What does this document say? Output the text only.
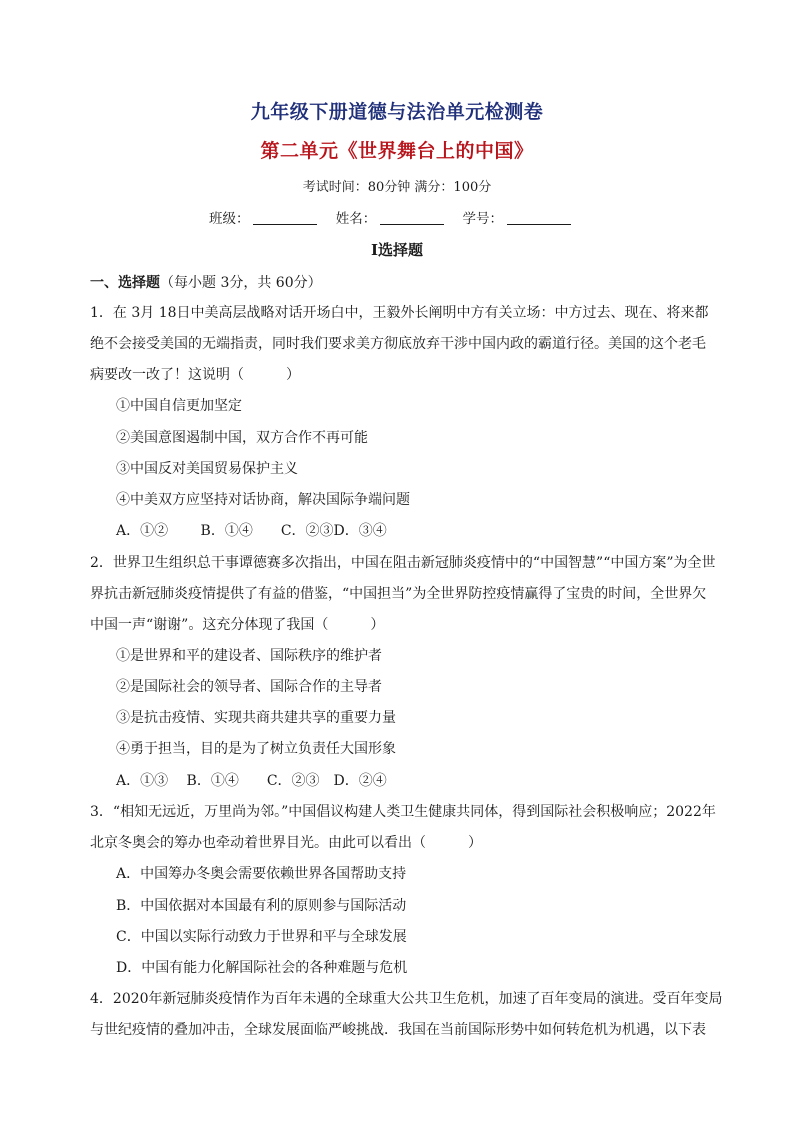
九年级下册道德与法治单元检测卷
第二单元《世界舞台上的中国》
考试时间：80分钟 满分：100分
班级：	姓名：	学号：
Ⅰ选择题
一、选择题（每小题 3分，共 60分）
1．在 3月 18日中美高层战略对话开场白中，王毅外长阐明中方有关立场：中方过去、现在、将来都
绝不会接受美国的无端指责，同时我们要求美方彻底放弃干涉中国内政的霸道行径。美国的这个老毛
病要改一改了！这说明（　　　）
①中国自信更加坚定
②美国意图遏制中国，双方合作不再可能
③中国反对美国贸易保护主义
④中美双方应坚持对话协商，解决国际争端问题
A．①②　　 B．①④　　C．②③D．③④
2．世界卫生组织总干事谭德赛多次指出，中国在阻击新冠肺炎疫情中的“中国智慧”“中国方案”为全世
界抗击新冠肺炎疫情提供了有益的借鉴，“中国担当”为全世界防控疫情赢得了宝贵的时间，全世界欠
中国一声“谢谢”。这充分体现了我国（　　　）
①是世界和平的建设者、国际秩序的维护者
②是国际社会的领导者、国际合作的主导者
③是抗击疫情、实现共商共建共享的重要力量
④勇于担当，目的是为了树立负责任大国形象
A．①③　 B．①④　　C．②③　D．②④
3．“相知无远近，万里尚为邻。”中国倡议构建人类卫生健康共同体，得到国际社会积极响应；2022年
北京冬奥会的筹办也牵动着世界目光。由此可以看出（　　　）
A．中国筹办冬奥会需要依赖世界各国帮助支持
B．中国依据对本国最有利的原则参与国际活动
C．中国以实际行动致力于世界和平与全球发展
D．中国有能力化解国际社会的各种难题与危机
4．2020年新冠肺炎疫情作为百年未遇的全球重大公共卫生危机，加速了百年变局的演进。受百年变局
与世纪疫情的叠加冲击，全球发展面临严峻挑战．我国在当前国际形势中如何转危机为机遇，以下表
